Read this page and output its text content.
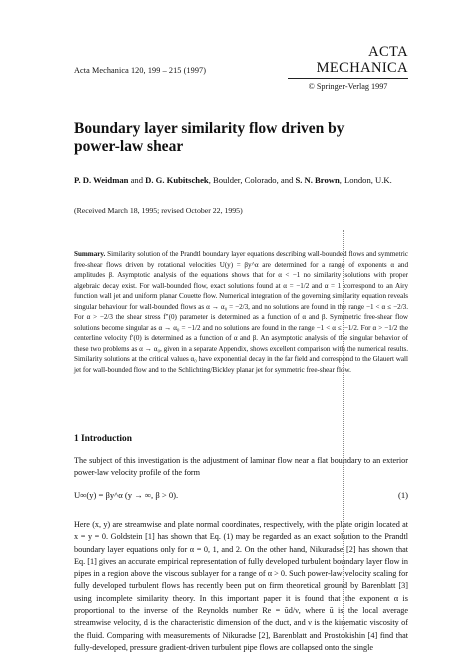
Acta Mechanica 120, 199 – 215 (1997)
ACTA MECHANICA
© Springer-Verlag 1997
Boundary layer similarity flow driven by power-law shear
P. D. Weidman and D. G. Kubitschek, Boulder, Colorado, and S. N. Brown, London, U.K.
(Received March 18, 1995; revised October 22, 1995)
Summary. Similarity solution of the Prandtl boundary layer equations describing wall-bounded flows and symmetric free-shear flows driven by rotational velocities U(y) = βy^α are determined for a range of exponents α and amplitudes β. Asymptotic analysis of the equations shows that for α < −1 no similarity solutions with proper algebraic decay exist. For wall-bounded flow, exact solutions found at α = −1/2 and α = 1 correspond to an Airy function wall jet and uniform planar Couette flow. Numerical integration of the governing similarity equation reveals singular behaviour for wall-bounded flows as α → α₀ = −2/3, and no solutions are found in the range −1 < α ≤ −2/3. For α > −2/3 the shear stress f″(0) parameter is determined as a function of α and β. Symmetric free-shear flow solutions become singular as α → α₀ = −1/2 and no solutions are found in the range −1 < α ≤ −1/2. For α > −1/2 the centerline velocity f′(0) is determined as a function of α and β. An asymptotic analysis of the singular behavior of these two problems as α → α₀, given in a separate Appendix, shows excellent comparison with the numerical results. Similarity solutions at the critical values α₀ have exponential decay in the far field and correspond to the Glauert wall jet for wall-bounded flow and to the Schlichting/Bickley planar jet for symmetric free-shear flow.
1 Introduction
The subject of this investigation is the adjustment of laminar flow near a flat boundary to an exterior power-law velocity profile of the form
U∞(y) = βy^α (y → ∞, β > 0).	(1)
Here (x, y) are streamwise and plate normal coordinates, respectively, with the plate origin located at x = y = 0. Goldstein [1] has shown that Eq. (1) may be regarded as an exact solution to the Prandtl boundary layer equations only for α = 0, 1, and 2. On the other hand, Nikuradse [2] has shown that Eq. [1] gives an accurate empirical representation of fully developed turbulent boundary layer flow in pipes in a region above the viscous sublayer for a range of α > 0. Such power-law velocity scaling for fully developed turbulent flows has recently been put on firm theoretical ground by Barenblatt [3] using incomplete similarity theory. In this important paper it is found that the exponent α is proportional to the inverse of the Reynolds number Re = ūd/ν, where ū is the local average streamwise velocity, d is the characteristic dimension of the duct, and ν is the kinematic viscosity of the fluid. Comparing with measurements of Nikuradse [2], Barenblatt and Prostokishin [4] find that fully-developed, pressure gradient-driven turbulent pipe flows are collapsed onto the single
